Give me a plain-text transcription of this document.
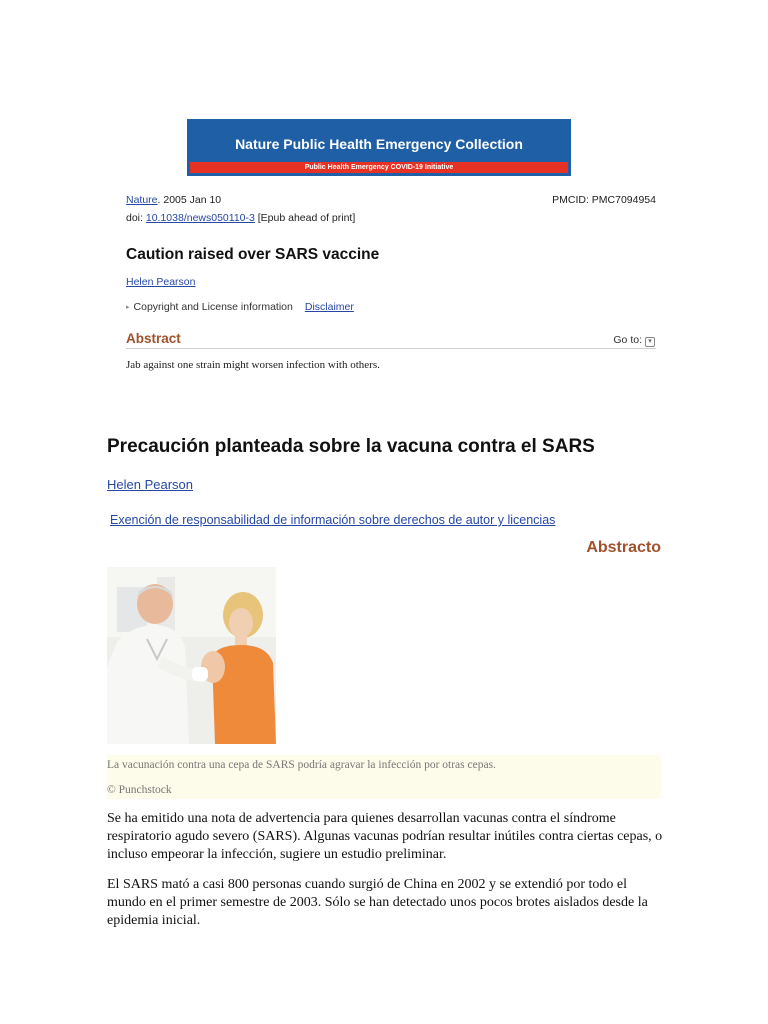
Nature Public Health Emergency Collection
Public Health Emergency COVID-19 Initiative
Nature. 2005 Jan 10	PMCID: PMC7094954
doi: 10.1038/news050110-3 [Epub ahead of print]
Caution raised over SARS vaccine
Helen Pearson
▸ Copyright and License information Disclaimer
Abstract	Go to: ▾
Jab against one strain might worsen infection with others.
Precaución planteada sobre la vacuna contra el SARS
Helen Pearson
Exención de responsabilidad de información sobre derechos de autor y licencias
Abstracto
La vacunación contra una cepa de SARS podría agravar la infección por otras cepas.
© Punchstock

Se ha emitido una nota de advertencia para quienes desarrollan vacunas contra el síndrome respiratorio agudo severo (SARS). Algunas vacunas podrían resultar inútiles contra ciertas cepas, o incluso empeorar la infección, sugiere un estudio preliminar.

El SARS mató a casi 800 personas cuando surgió de China en 2002 y se extendió por todo el mundo en el primer semestre de 2003. Sólo se han detectado unos pocos brotes aislados desde la epidemia inicial.
